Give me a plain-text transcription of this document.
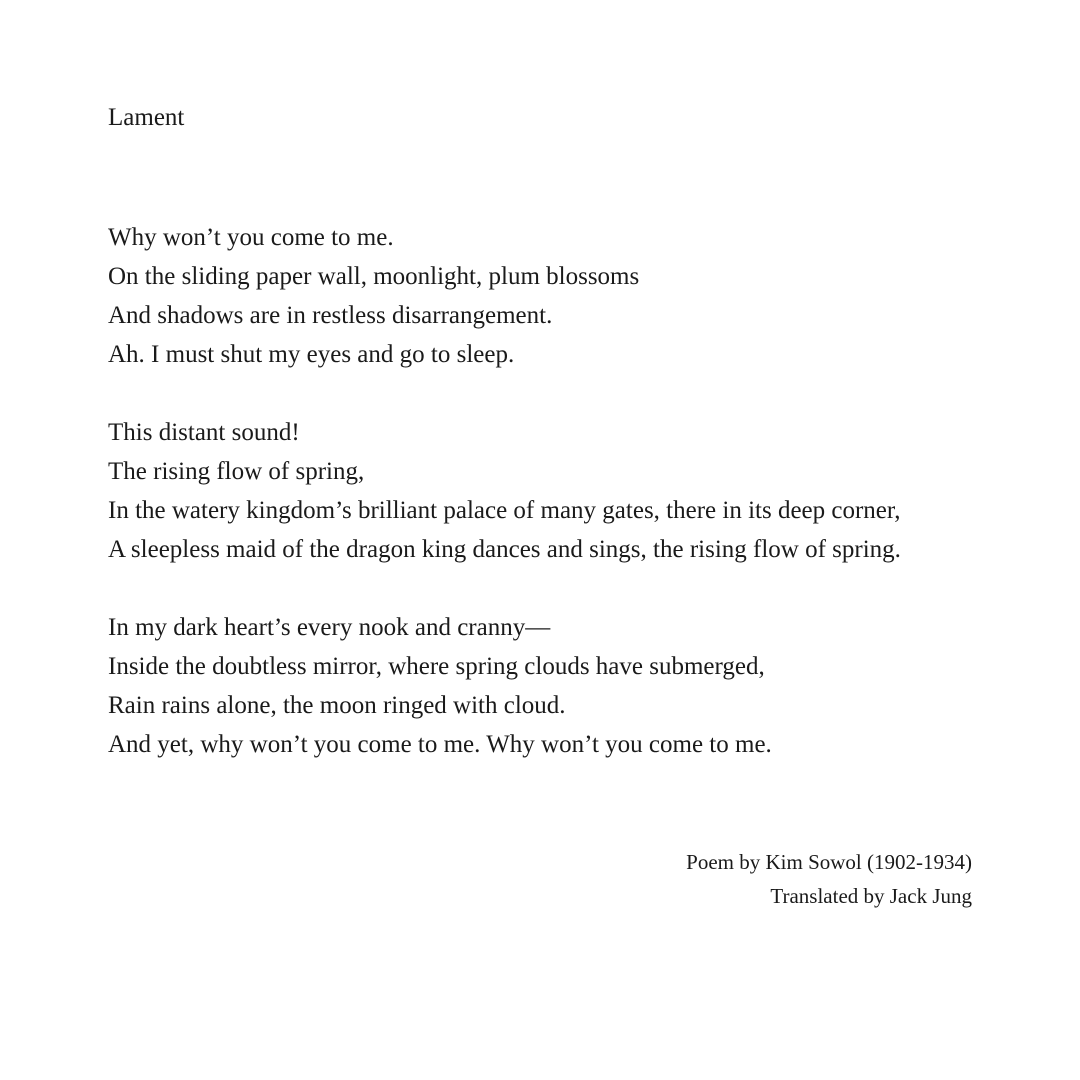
Lament
Why won’t you come to me.
On the sliding paper wall, moonlight, plum blossoms
And shadows are in restless disarrangement.
Ah. I must shut my eyes and go to sleep.
This distant sound!
The rising flow of spring,
In the watery kingdom’s brilliant palace of many gates, there in its deep corner,
A sleepless maid of the dragon king dances and sings, the rising flow of spring.
In my dark heart’s every nook and cranny—
Inside the doubtless mirror, where spring clouds have submerged,
Rain rains alone, the moon ringed with cloud.
And yet, why won’t you come to me. Why won’t you come to me.
Poem by Kim Sowol (1902-1934)
Translated by Jack Jung
